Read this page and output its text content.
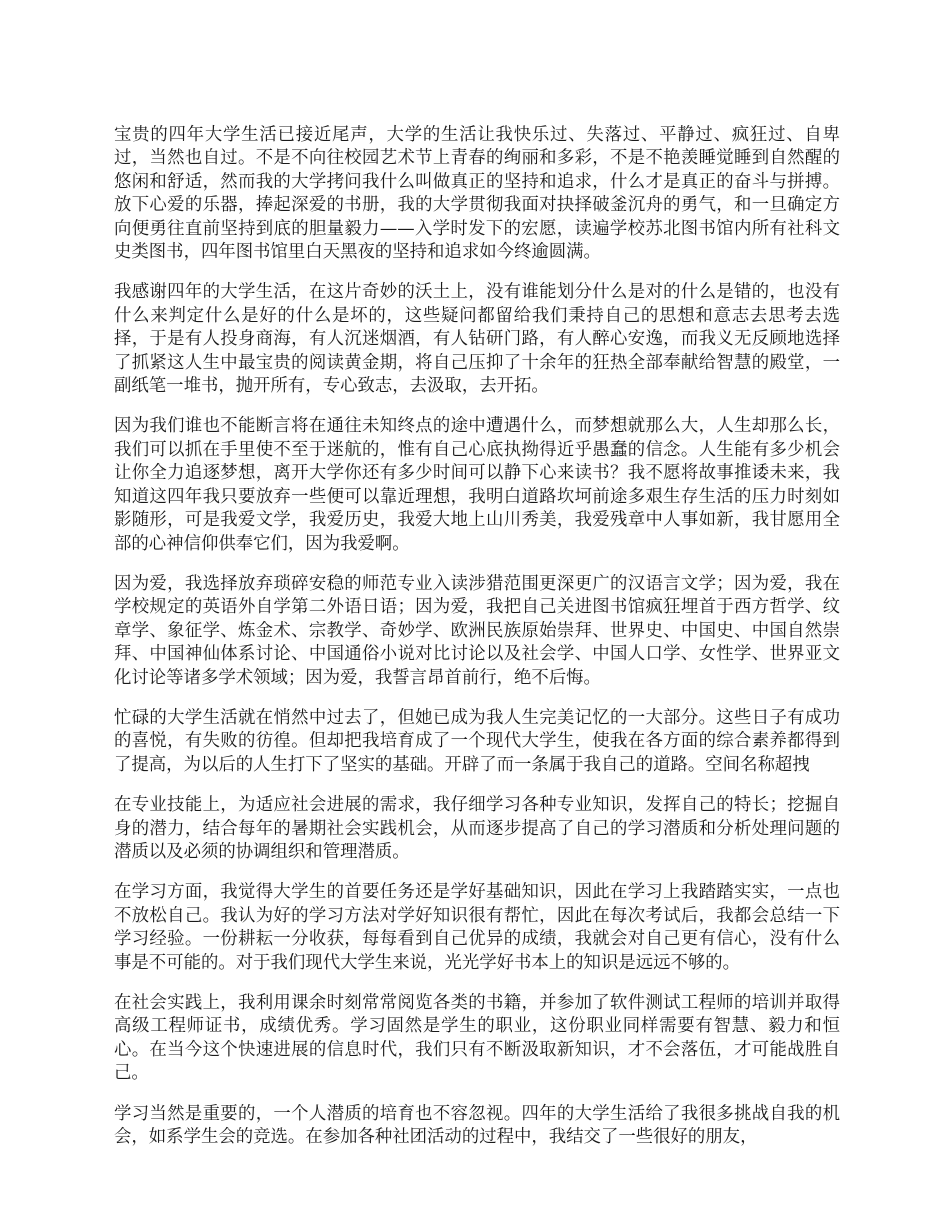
宝贵的四年大学生活已接近尾声，大学的生活让我快乐过、失落过、平静过、疯狂过、自卑过，当然也自过。不是不向往校园艺术节上青春的绚丽和多彩，不是不艳羡睡觉睡到自然醒的悠闲和舒适，然而我的大学拷问我什么叫做真正的坚持和追求，什么才是真正的奋斗与拼搏。放下心爱的乐器，捧起深爱的书册，我的大学贯彻我面对抉择破釜沉舟的勇气，和一旦确定方向便勇往直前坚持到底的胆量毅力——入学时发下的宏愿，读遍学校苏北图书馆内所有社科文史类图书，四年图书馆里白天黑夜的坚持和追求如今终逾圆满。

我感谢四年的大学生活，在这片奇妙的沃土上，没有谁能划分什么是对的什么是错的，也没有什么来判定什么是好的什么是坏的，这些疑问都留给我们秉持自己的思想和意志去思考去选择，于是有人投身商海，有人沉迷烟酒，有人钻研门路，有人醉心安逸，而我义无反顾地选择了抓紧这人生中最宝贵的阅读黄金期，将自己压抑了十余年的狂热全部奉献给智慧的殿堂，一副纸笔一堆书，抛开所有，专心致志，去汲取，去开拓。

因为我们谁也不能断言将在通往未知终点的途中遭遇什么，而梦想就那么大，人生却那么长，我们可以抓在手里使不至于迷航的，惟有自己心底执拗得近乎愚蠢的信念。人生能有多少机会让你全力追逐梦想，离开大学你还有多少时间可以静下心来读书？我不愿将故事推诿未来，我知道这四年我只要放弃一些便可以靠近理想，我明白道路坎坷前途多艰生存生活的压力时刻如影随形，可是我爱文学，我爱历史，我爱大地上山川秀美，我爱残章中人事如新，我甘愿用全部的心神信仰供奉它们，因为我爱啊。

因为爱，我选择放弃琐碎安稳的师范专业入读涉猎范围更深更广的汉语言文学；因为爱，我在学校规定的英语外自学第二外语日语；因为爱，我把自己关进图书馆疯狂埋首于西方哲学、纹章学、象征学、炼金术、宗教学、奇妙学、欧洲民族原始崇拜、世界史、中国史、中国自然崇拜、中国神仙体系讨论、中国通俗小说对比讨论以及社会学、中国人口学、女性学、世界亚文化讨论等诸多学术领域；因为爱，我誓言昂首前行，绝不后悔。

忙碌的大学生活就在悄然中过去了，但她已成为我人生完美记忆的一大部分。这些日子有成功的喜悦，有失败的彷徨。但却把我培育成了一个现代大学生，使我在各方面的综合素养都得到了提高，为以后的人生打下了坚实的基础。开辟了而一条属于我自己的道路。空间名称超拽

在专业技能上，为适应社会进展的需求，我仔细学习各种专业知识，发挥自己的特长；挖掘自身的潜力，结合每年的暑期社会实践机会，从而逐步提高了自己的学习潜质和分析处理问题的潜质以及必须的协调组织和管理潜质。

在学习方面，我觉得大学生的首要任务还是学好基础知识，因此在学习上我踏踏实实，一点也不放松自己。我认为好的学习方法对学好知识很有帮忙，因此在每次考试后，我都会总结一下学习经验。一份耕耘一分收获，每每看到自己优异的成绩，我就会对自己更有信心，没有什么事是不可能的。对于我们现代大学生来说，光光学好书本上的知识是远远不够的。

在社会实践上，我利用课余时刻常常阅览各类的书籍，并参加了软件测试工程师的培训并取得高级工程师证书，成绩优秀。学习固然是学生的职业，这份职业同样需要有智慧、毅力和恒心。在当今这个快速进展的信息时代，我们只有不断汲取新知识，才不会落伍，才可能战胜自己。

学习当然是重要的，一个人潜质的培育也不容忽视。四年的大学生活给了我很多挑战自我的机会，如系学生会的竞选。在参加各种社团活动的过程中，我结交了一些很好的朋友，
